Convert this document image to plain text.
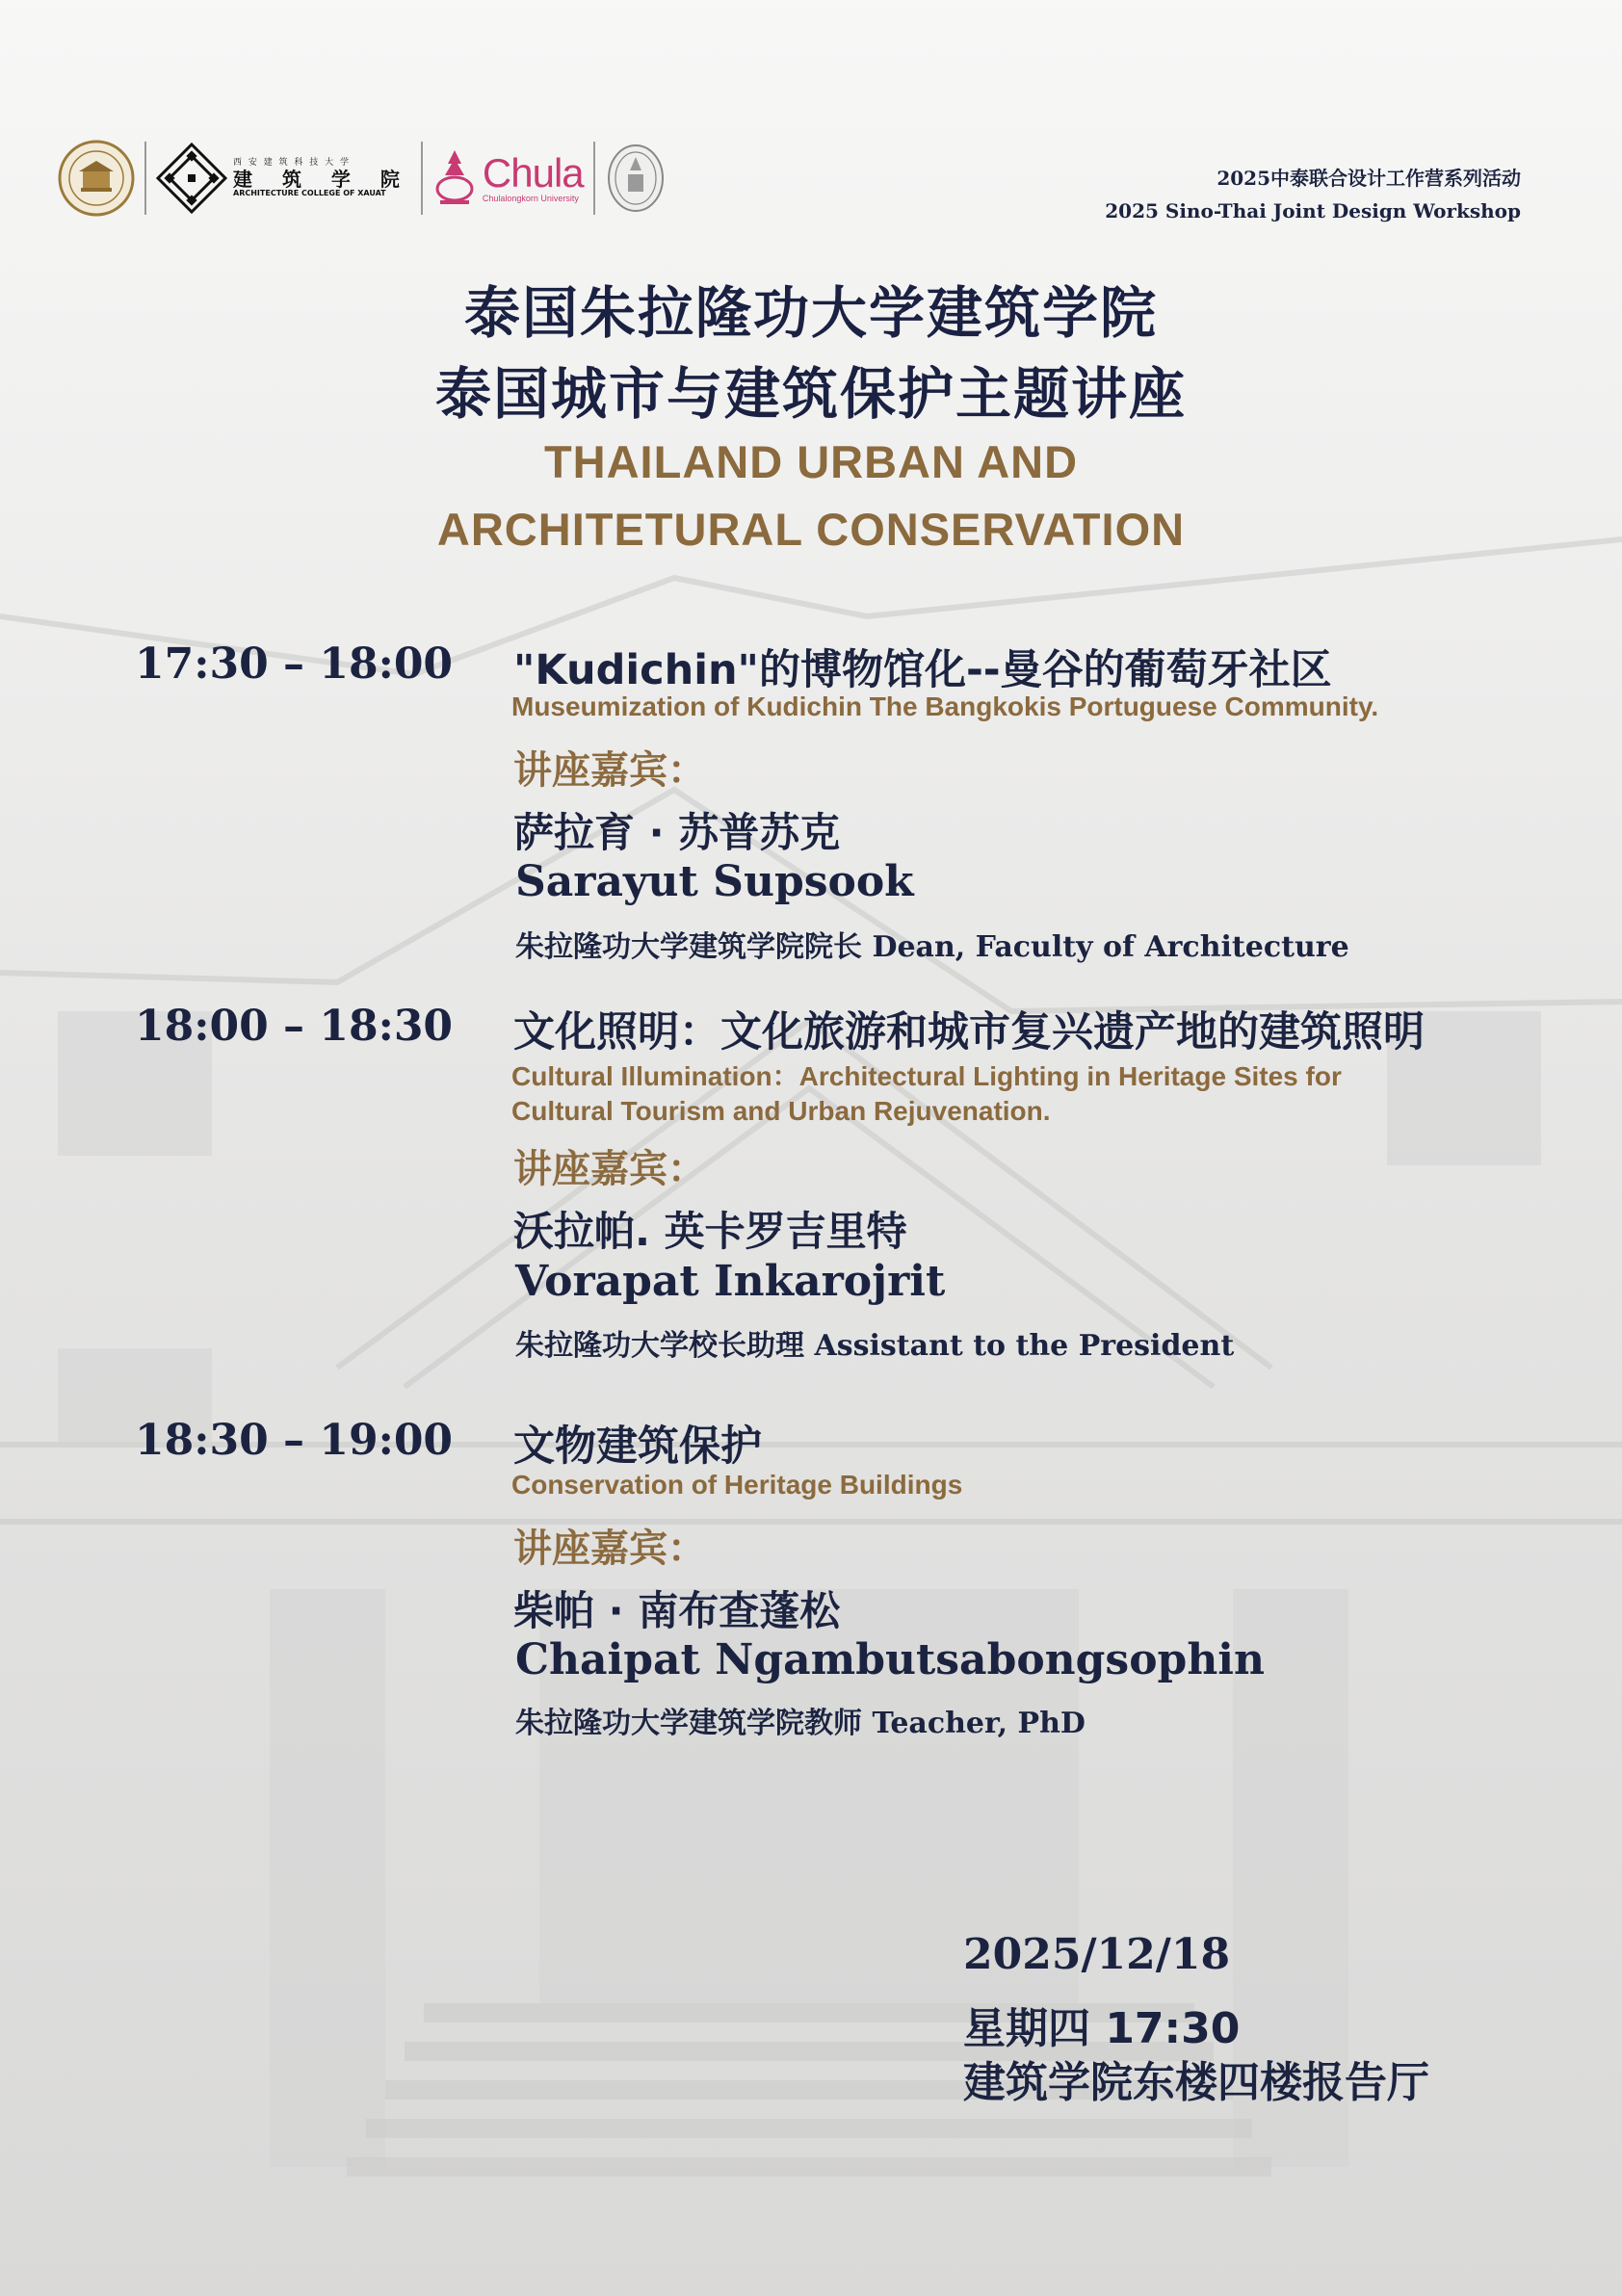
西 安 建 筑 科 技 大 学
建 筑 学 院
ARCHITECTURE COLLEGE OF XAUAT	Chula
Chulalongkorn University
2025中泰联合设计工作营系列活动
2025 Sino-Thai Joint Design Workshop
泰国朱拉隆功大学建筑学院
泰国城市与建筑保护主题讲座
THAILAND URBAN AND
ARCHITETURAL CONSERVATION
17:30 – 18:00 "Kudichin"的博物馆化--曼谷的葡萄牙社区
Museumization of Kudichin The Bangkokis Portuguese Community.
讲座嘉宾：
萨拉育 · 苏普苏克
Sarayut Supsook
朱拉隆功大学建筑学院院长 Dean, Faculty of Architecture
18:00 – 18:30 文化照明：文化旅游和城市复兴遗产地的建筑照明
Cultural Illumination：Architectural Lighting in Heritage Sites for
Cultural Tourism and Urban Rejuvenation.
讲座嘉宾：
沃拉帕. 英卡罗吉里特
Vorapat Inkarojrit
朱拉隆功大学校长助理 Assistant to the President
18:30 – 19:00 文物建筑保护
Conservation of Heritage Buildings
讲座嘉宾：
柴帕 · 南布查蓬松
Chaipat Ngambutsabongsophin
朱拉隆功大学建筑学院教师 Teacher, PhD
2025/12/18
星期四 17:30
建筑学院东楼四楼报告厅
